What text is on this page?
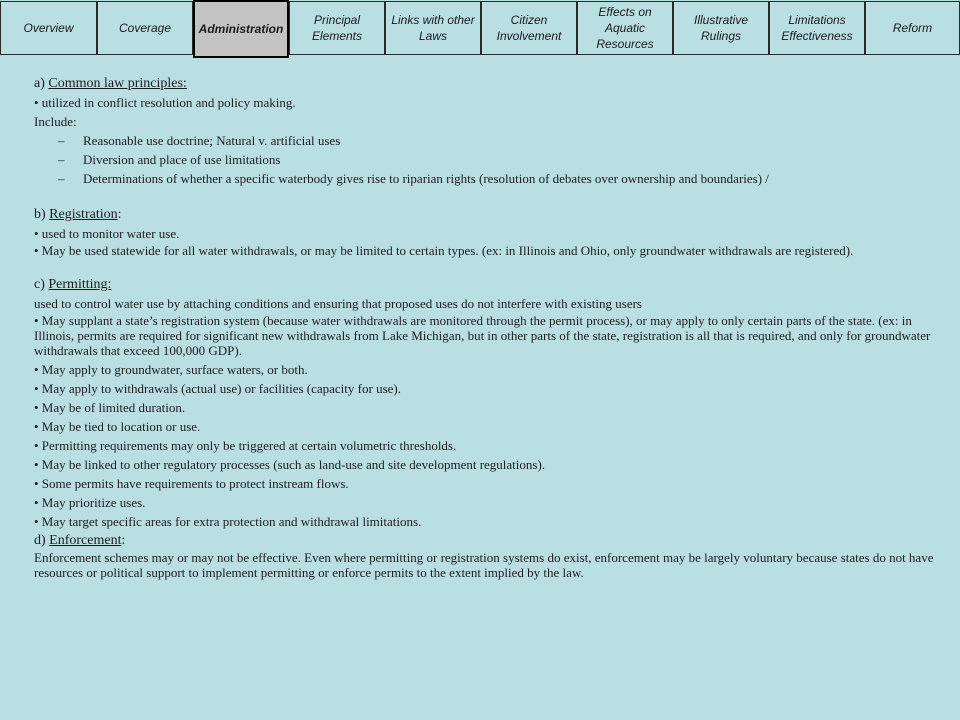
Overview	Coverage	Administration
Principal Elements
Links with other Laws
Citizen Involvement
Effects on Aquatic Resources
Illustrative Rulings
Limitations Effectiveness
Reform
a) Common law principles:
• utilized in conflict resolution and policy making.
Include:
– Reasonable use doctrine; Natural v. artificial uses
– Diversion and place of use limitations
– Determinations of whether a specific waterbody gives rise to riparian rights (resolution of debates over ownership and boundaries) /
b) Registration:
• used to monitor water use.
• May be used statewide for all water withdrawals, or may be limited to certain types. (ex: in Illinois and Ohio, only groundwater withdrawals are registered).
c) Permitting:
used to control water use by attaching conditions and ensuring that proposed uses do not interfere with existing users
• May supplant a state’s registration system (because water withdrawals are monitored through the permit process), or may apply to only certain parts of the state. (ex: in Illinois, permits are required for significant new withdrawals from Lake Michigan, but in other parts of the state, registration is all that is required, and only for groundwater withdrawals that exceed 100,000 GDP).
• May apply to groundwater, surface waters, or both.
• May apply to withdrawals (actual use) or facilities (capacity for use).
• May be of limited duration.
• May be tied to location or use.
• Permitting requirements may only be triggered at certain volumetric thresholds.
• May be linked to other regulatory processes (such as land-use and site development regulations).
• Some permits have requirements to protect instream flows.
• May prioritize uses.
• May target specific areas for extra protection and withdrawal limitations.
d) Enforcement:
Enforcement schemes may or may not be effective. Even where permitting or registration systems do exist, enforcement may be largely voluntary because states do not have resources or political support to implement permitting or enforce permits to the extent implied by the law.
